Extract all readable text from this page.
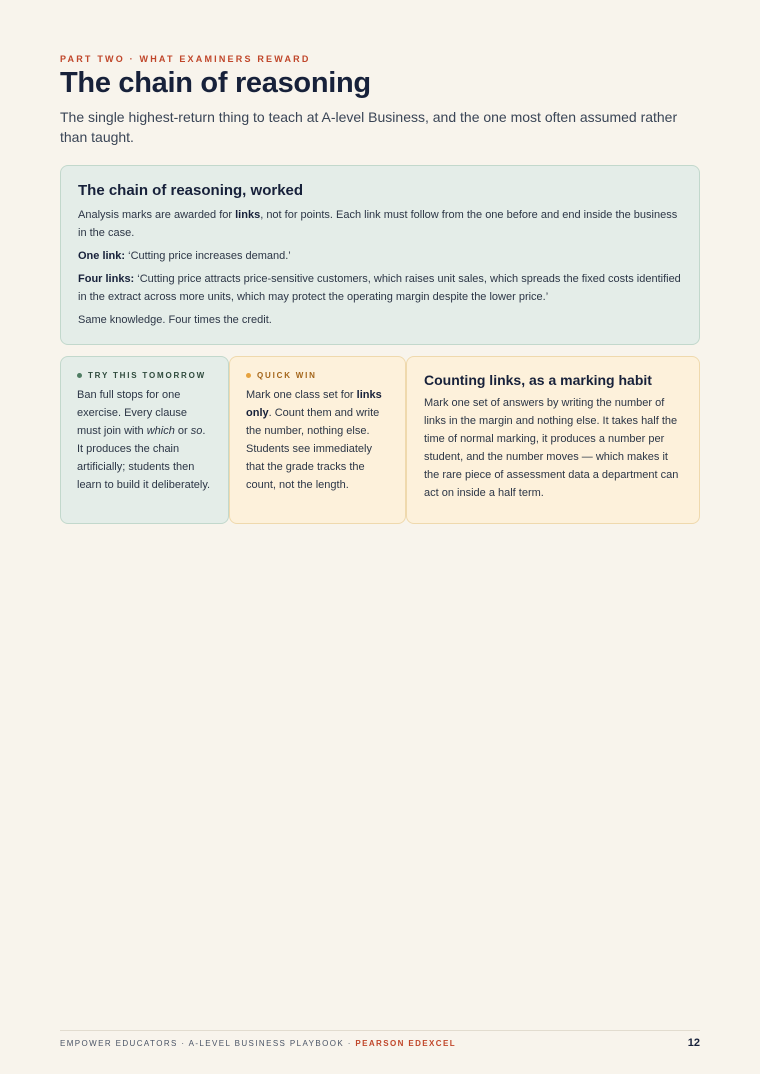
PART TWO · WHAT EXAMINERS REWARD
The chain of reasoning

The single highest-return thing to teach at A-level Business, and the one most often assumed rather than taught.

The chain of reasoning, worked

Analysis marks are awarded for links, not for points. Each link must follow from the one before and end inside the business in the case.

One link: ‘Cutting price increases demand.’

Four links: ‘Cutting price attracts price-sensitive customers, which raises unit sales, which spreads the fixed costs identified in the extract across more units, which may protect the operating margin despite the lower price.’

Same knowledge. Four times the credit.

TRY THIS TOMORROW

Ban full stops for one exercise. Every clause must join with which or so. It produces the chain artificially; students then learn to build it deliberately.

QUICK WIN

Mark one class set for links only. Count them and write the number, nothing else. Students see immediately that the grade tracks the count, not the length.

Counting links, as a marking habit

Mark one set of answers by writing the number of links in the margin and nothing else. It takes half the time of normal marking, it produces a number per student, and the number moves — which makes it the rare piece of assessment data a department can act on inside a half term.

EMPOWER EDUCATORS · A-LEVEL BUSINESS PLAYBOOK · PEARSON EDEXCEL	12
